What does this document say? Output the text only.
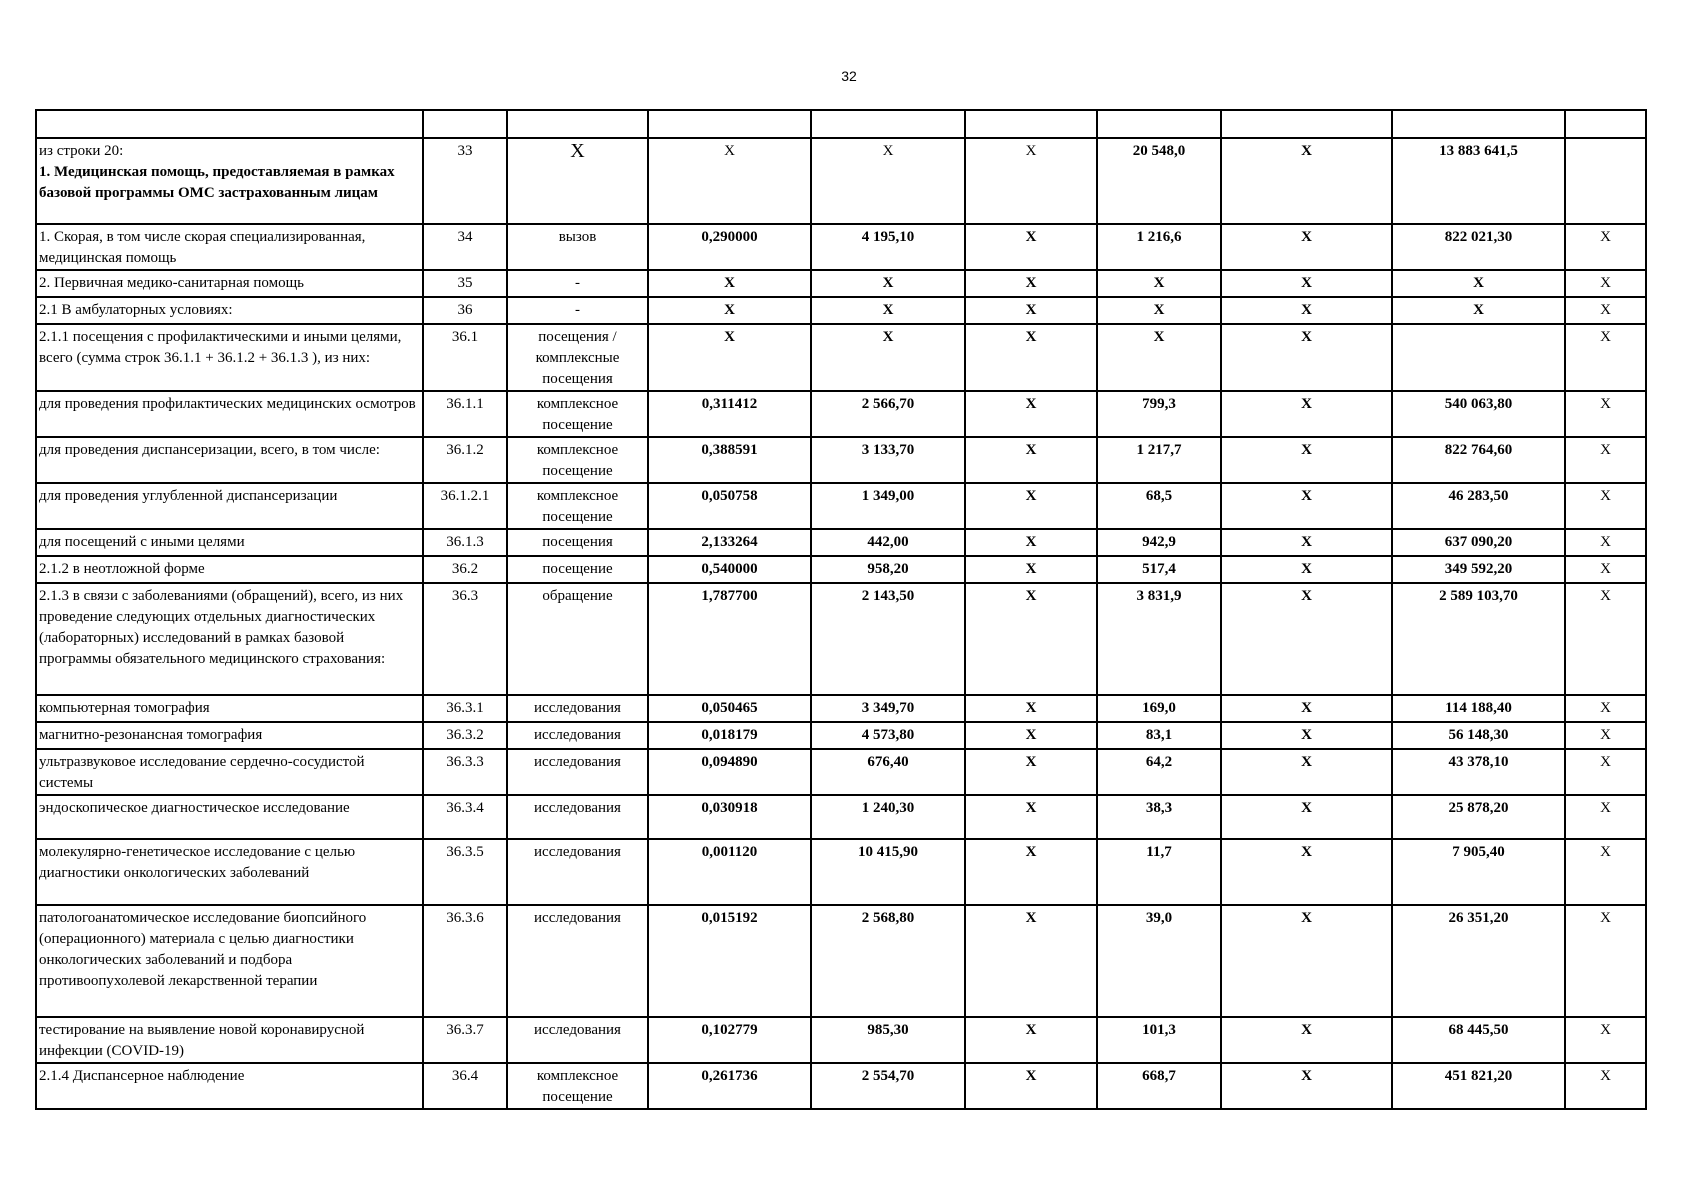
32

из строки 20:
1. Медицинская помощь, предоставляемая в рамках базовой программы ОМС застрахованным лицам	33	Х	Х	Х	Х	20 548,0	Х	13 883 641,5	
1. Скорая, в том числе скорая специализированная, медицинская помощь	34	вызов	0,290000	4 195,10	Х	1 216,6	Х	822 021,30	Х
2. Первичная медико-санитарная помощь	35	-	Х	Х	Х	Х	Х	Х	Х
2.1 В амбулаторных условиях:	36	-	Х	Х	Х	Х	Х	Х	Х
2.1.1 посещения с профилактическими и иными целями, всего (сумма строк 36.1.1 + 36.1.2 + 36.1.3 ), из них:	36.1	посещения / комплексные посещения	Х	Х	Х	Х	Х		Х
для проведения профилактических медицинских осмотров	36.1.1	комплексное посещение	0,311412	2 566,70	Х	799,3	Х	540 063,80	Х
для проведения диспансеризации, всего, в том числе:	36.1.2	комплексное посещение	0,388591	3 133,70	Х	1 217,7	Х	822 764,60	Х
для проведения углубленной диспансеризации	36.1.2.1	комплексное посещение	0,050758	1 349,00	Х	68,5	Х	46 283,50	Х
для посещений с иными целями	36.1.3	посещения	2,133264	442,00	Х	942,9	Х	637 090,20	Х
2.1.2 в неотложной форме	36.2	посещение	0,540000	958,20	Х	517,4	Х	349 592,20	Х
2.1.3 в связи с заболеваниями (обращений), всего, из них проведение следующих отдельных диагностических (лабораторных) исследований в рамках базовой программы обязательного медицинского страхования:	36.3	обращение	1,787700	2 143,50	Х	3 831,9	Х	2 589 103,70	Х
компьютерная томография	36.3.1	исследования	0,050465	3 349,70	Х	169,0	Х	114 188,40	Х
магнитно-резонансная томография	36.3.2	исследования	0,018179	4 573,80	Х	83,1	Х	56 148,30	Х
ультразвуковое исследование сердечно-сосудистой системы	36.3.3	исследования	0,094890	676,40	Х	64,2	Х	43 378,10	Х
эндоскопическое диагностическое исследование	36.3.4	исследования	0,030918	1 240,30	Х	38,3	Х	25 878,20	Х
молекулярно-генетическое исследование с целью диагностики онкологических заболеваний	36.3.5	исследования	0,001120	10 415,90	Х	11,7	Х	7 905,40	Х
патологоанатомическое исследование биопсийного (операционного) материала с целью диагностики онкологических заболеваний и подбора противоопухолевой лекарственной терапии	36.3.6	исследования	0,015192	2 568,80	Х	39,0	Х	26 351,20	Х
тестирование на выявление новой коронавирусной инфекции (COVID-19)	36.3.7	исследования	0,102779	985,30	Х	101,3	Х	68 445,50	Х
2.1.4 Диспансерное наблюдение	36.4	комплексное посещение	0,261736	2 554,70	Х	668,7	Х	451 821,20	Х
